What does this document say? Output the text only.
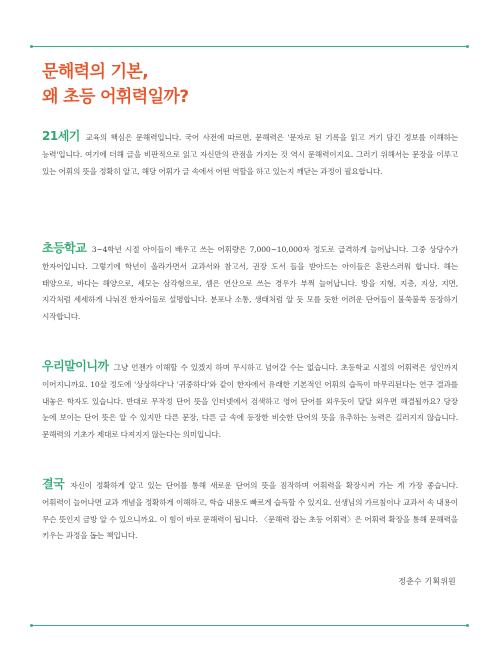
문해력의 기본,
왜 초등 어휘력일까?

21세기 교육의 핵심은 문해력입니다. 국어 사전에 따르면, 문해력은 '문자로 된 기록을 읽고 거기 담긴 정보를 이해하는 능력'입니다. 여기에 더해 글을 비판적으로 읽고 자신만의 관점을 가지는 것 역시 문해력이지요. 그러기 위해서는 문장을 이루고 있는 어휘의 뜻을 정확히 알고, 해당 어휘가 글 속에서 어떤 역할을 하고 있는지 깨닫는 과정이 필요합니다.

초등학교 3~4학년 시절 아이들이 배우고 쓰는 어휘량은 7,000~10,000자 정도로 급격하게 늘어납니다. 그중 상당수가 한자어입니다. 그렇기에 학년이 올라가면서 교과서와 참고서, 권장 도서 들을 받아드는 아이들은 혼란스러워 합니다. 해는 태양으로, 바다는 해양으로, 세모는 삼각형으로, 셈은 연산으로 쓰는 경우가 부쩍 늘어납니다. 방을 지형, 지층, 지상, 지면, 지각처럼 세세하게 나눠진 한자어들로 설명합니다. 분포나 소통, 생태처럼 알 듯 모를 듯한 어려운 단어들이 불쑥불쑥 등장하기 시작합니다.

우리말이니까 그냥 언젠가 이해할 수 있겠지 하며 무시하고 넘어갈 수는 없습니다. 초등학교 시절의 어휘력은 성인까지 이어지니까요. 10살 정도에 '상상하다'나 '귀중하다'와 같이 한자에서 유래한 기본적인 어휘의 습득이 마무리된다는 연구 결과를 내놓은 학자도 있습니다. 반대로 무작정 단어 뜻을 인터넷에서 검색하고 영어 단어를 외우듯이 달달 외우면 해결될까요? 당장 눈에 보이는 단어 뜻은 알 수 있지만 다른 문장, 다른 글 속에 등장한 비슷한 단어의 뜻을 유추하는 능력은 길러지지 않습니다. 문해력의 기초가 제대로 다져지지 않는다는 의미입니다.

결국 자신이 정확하게 알고 있는 단어를 통해 새로운 단어의 뜻을 짐작하며 어휘력을 확장시켜 가는 게 가장 좋습니다. 어휘력이 늘어나면 교과 개념을 정확하게 이해하고, 학습 내용도 빠르게 습득할 수 있지요. 선생님의 가르침이나 교과서 속 내용이 무슨 뜻인지 금방 알 수 있으니까요. 이 힘이 바로 문해력이 됩니다. 〈문해력 잡는 초등 어휘력〉은 어휘력 확장을 통해 문해력을 키우는 과정을 돕는 책입니다.

정춘수 기획위원
